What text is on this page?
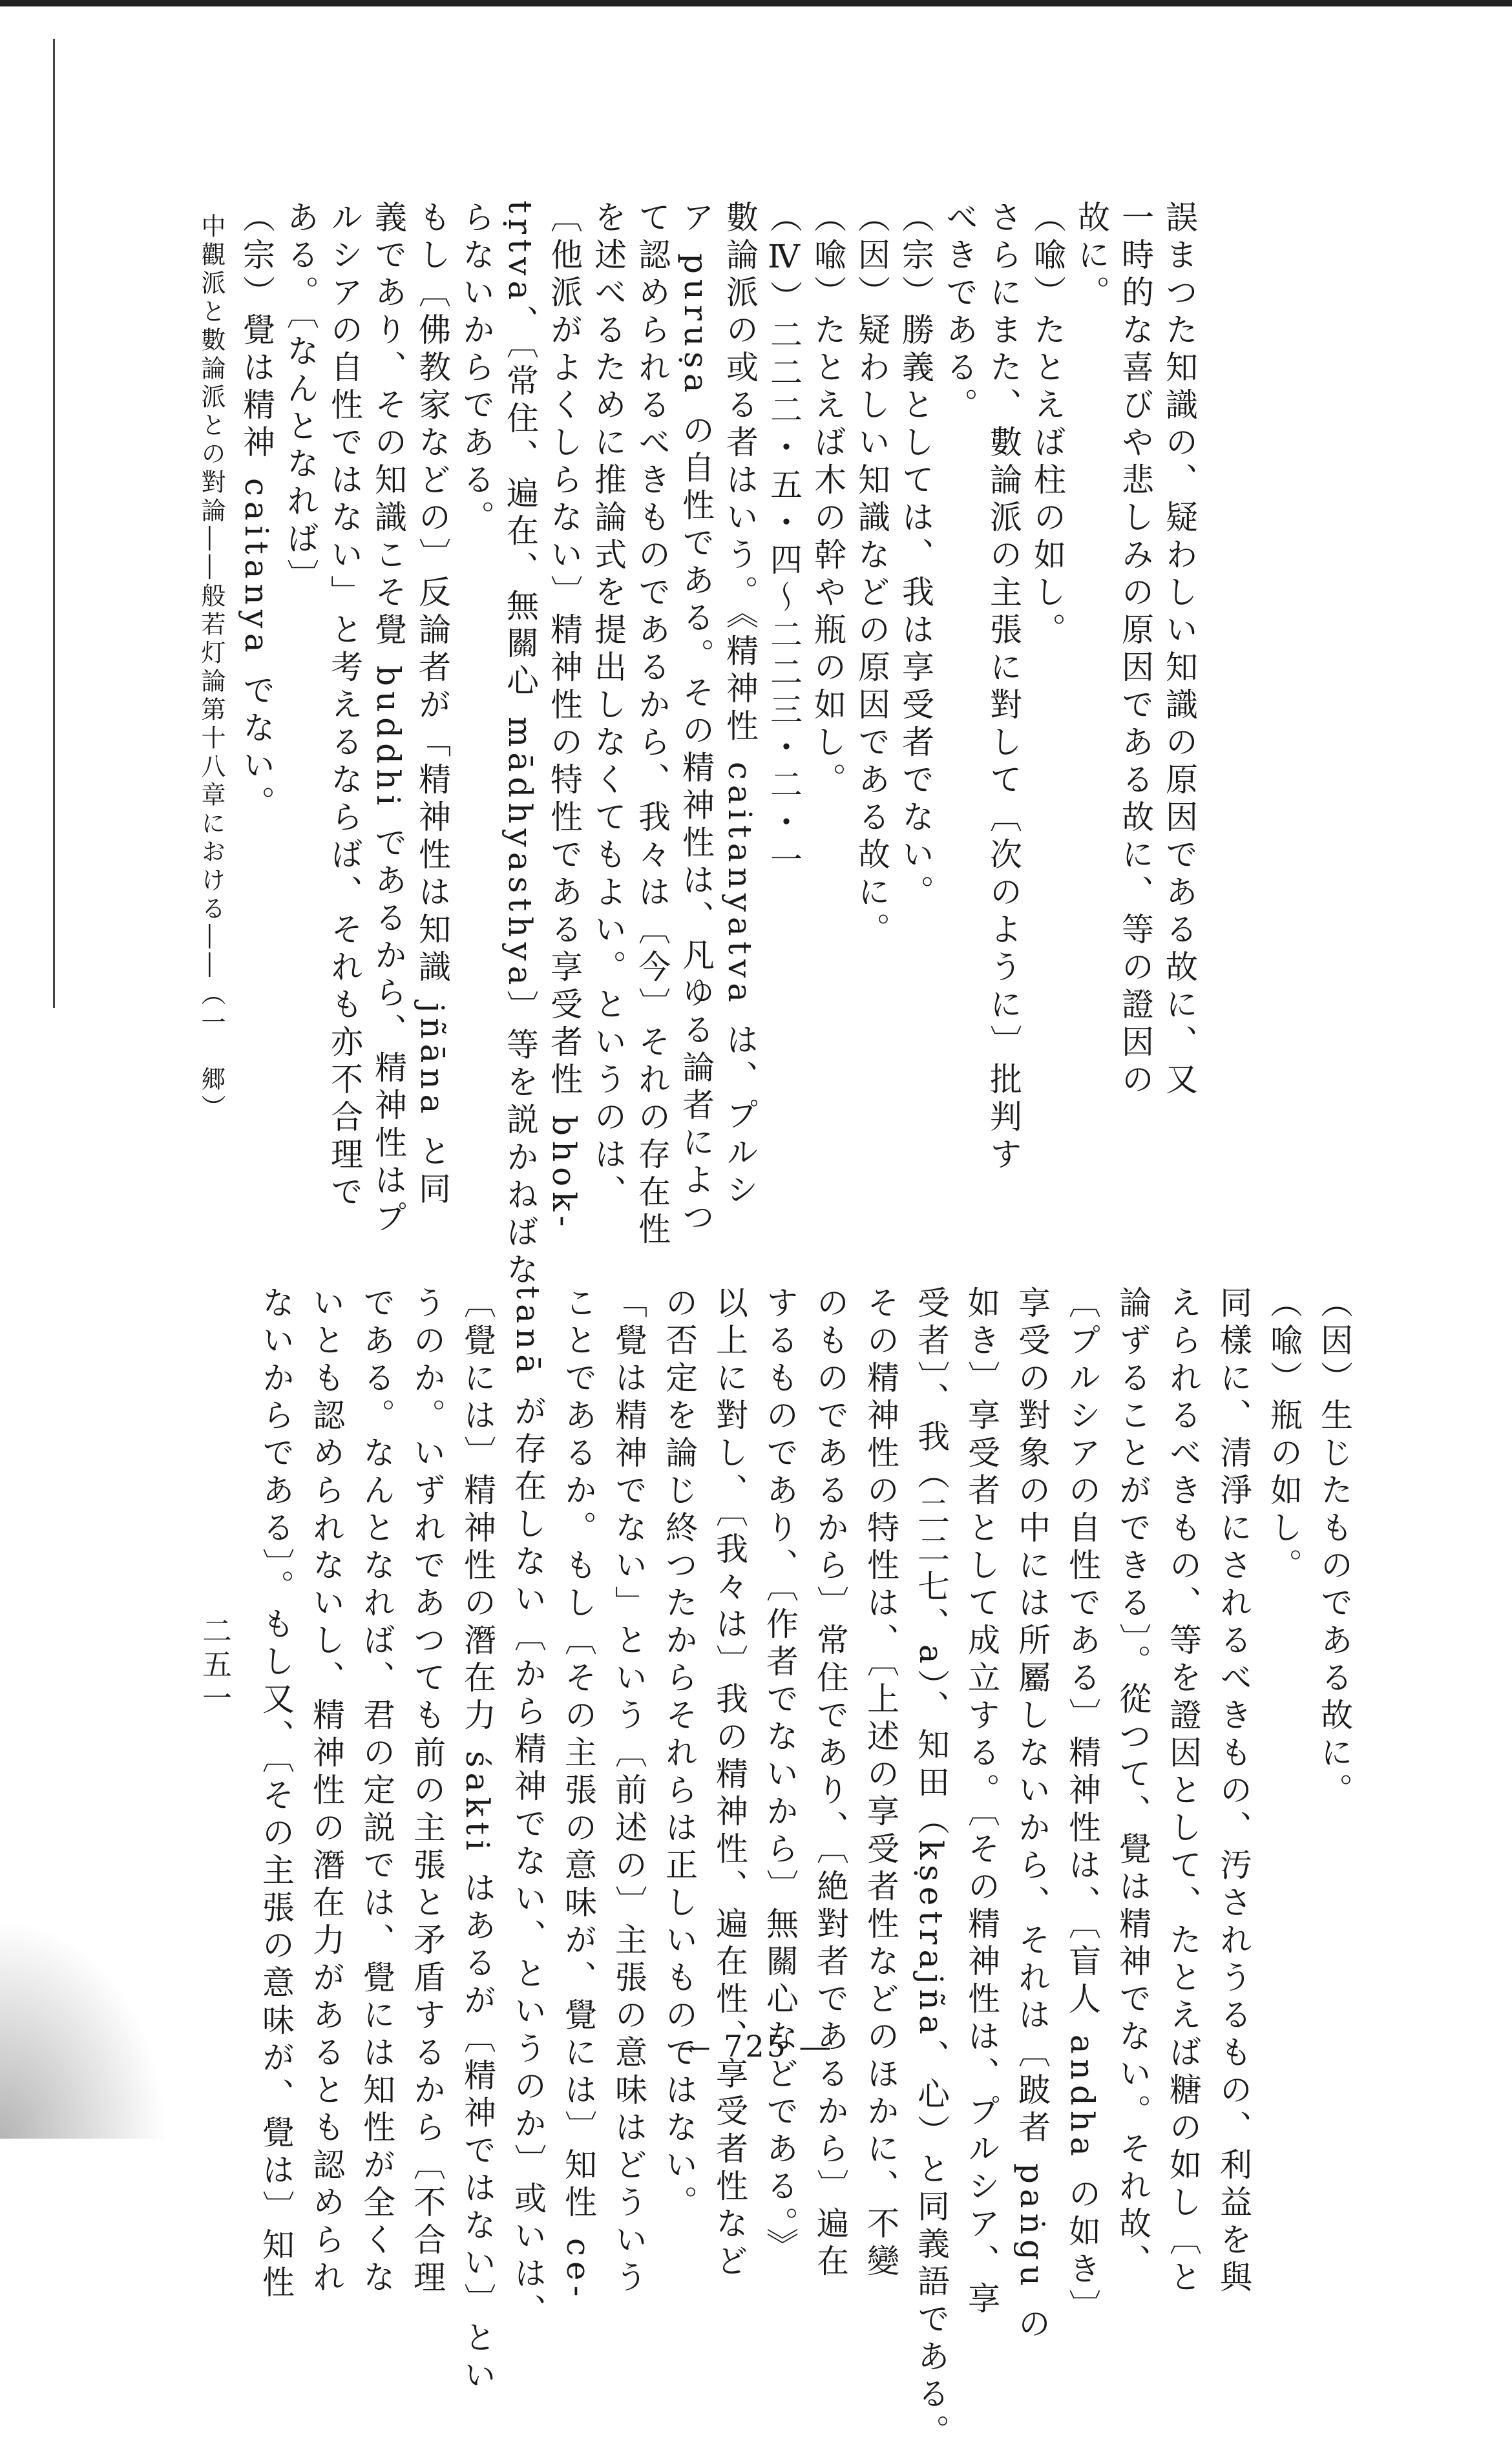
誤まつた知識の、疑わしい知識の原因である故に、又
一時的な喜びや悲しみの原因である故に、等の證因の
故に。
（喩）たとえば柱の如し。
さらにまた、數論派の主張に對して〔次のように〕批判す
べきである。
（宗）勝義としては、我は享受者でない。
（因）疑わしい知識などの原因である故に。
（喩）たとえば木の幹や瓶の如し。
（Ⅳ）二二二・五・四～二二三・二・一
數論派の或る者はいう。《精神性 caitanyatva は、プルシ
ア puruṣa の自性である。その精神性は、凡ゆる論者によつ
て認められるべきものであるから、我々は〔今〕それの存在性
を述べるために推論式を提出しなくてもよい。というのは、
〔他派がよくしらない〕精神性の特性である享受者性 bhok-
tṛtva、〔常住、遍在、無關心 mādhyasthya〕等を説かねばな
らないからである。
もし〔佛教家などの〕反論者が「精神性は知識 jñāna と同
義であり、その知識こそ覺 buddhi であるから、精神性はプ
ルシアの自性ではない」と考えるならば、それも亦不合理で
ある。〔なんとなれば〕
（宗）覺は精神 caitanya でない。
（因）生じたものである故に。
（喩）瓶の如し。
同樣に、清淨にされるべきもの、汚されうるもの、利益を與
えられるべきもの、等を證因として、たとえば糖の如し〔と
論ずることができる〕。從つて、覺は精神でない。それ故、
〔プルシアの自性である〕精神性は、〔盲人 andha の如き〕
享受の對象の中には所屬しないから、それは〔跛者 paṅgu の
如き〕享受者として成立する。〔その精神性は、プルシア、享
受者〕、我（二二七、a）、知田（kṣetrajña、心）と同義語である。
その精神性の特性は、〔上述の享受者性などのほかに、不變
のものであるから〕常住であり、〔絶對者であるから〕遍在
するものであり、〔作者でないから〕無關心などである。》
以上に對し、〔我々は〕我の精神性、遍在性、享受者性など
の否定を論じ終つたからそれらは正しいものではない。
「覺は精神でない」という〔前述の〕主張の意味はどういう
ことであるか。もし〔その主張の意味が、覺には〕知性 ce-
tanā が存在しない〔から精神でない、というのか〕或いは、
〔覺には〕精神性の潛在力 śakti はあるが〔精神ではない〕とい
うのか。いずれであつても前の主張と矛盾するから〔不合理
である。なんとなれば、君の定説では、覺には知性が全くな
いとも認められないし、精神性の潛在力があるとも認められ
ないからである〕。もし又、〔その主張の意味が、覺は〕知性
中觀派と數論派との對論――般若灯論第十八章における――（一　郷）
二五一
― 725 ―
